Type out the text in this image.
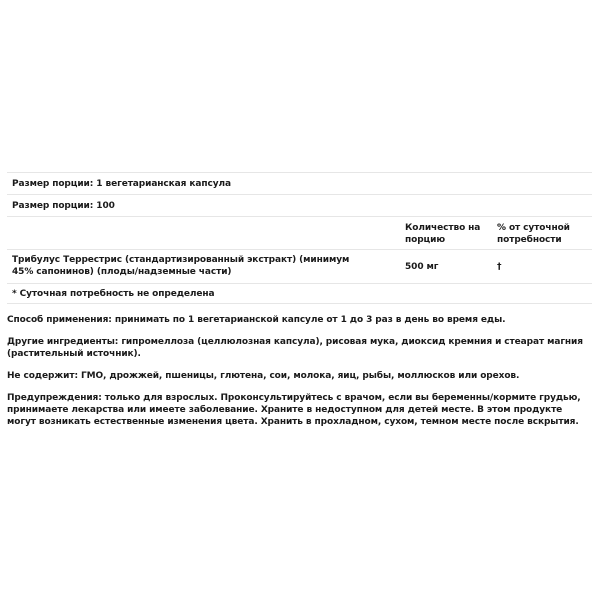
Размер порции: 1 вегетарианская капсула
Размер порции: 100
Количество на порцию
% от суточной потребности
Трибулус Террестрис (стандартизированный экстракт) (минимум 45% сапонинов) (плоды/надземные части)	500 мг	†
* Суточная потребность не определена

Способ применения: принимать по 1 вегетарианской капсуле от 1 до 3 раз в день во время еды.

Другие ингредиенты: гипромеллоза (целлюлозная капсула), рисовая мука, диоксид кремния и стеарат магния (растительный источник).

Не содержит: ГМО, дрожжей, пшеницы, глютена, сои, молока, яиц, рыбы, моллюсков или орехов.

Предупреждения: только для взрослых. Проконсультируйтесь с врачом, если вы беременны/кормите грудью, принимаете лекарства или имеете заболевание. Храните в недоступном для детей месте. В этом продукте могут возникать естественные изменения цвета. Хранить в прохладном, сухом, темном месте после вскрытия.
